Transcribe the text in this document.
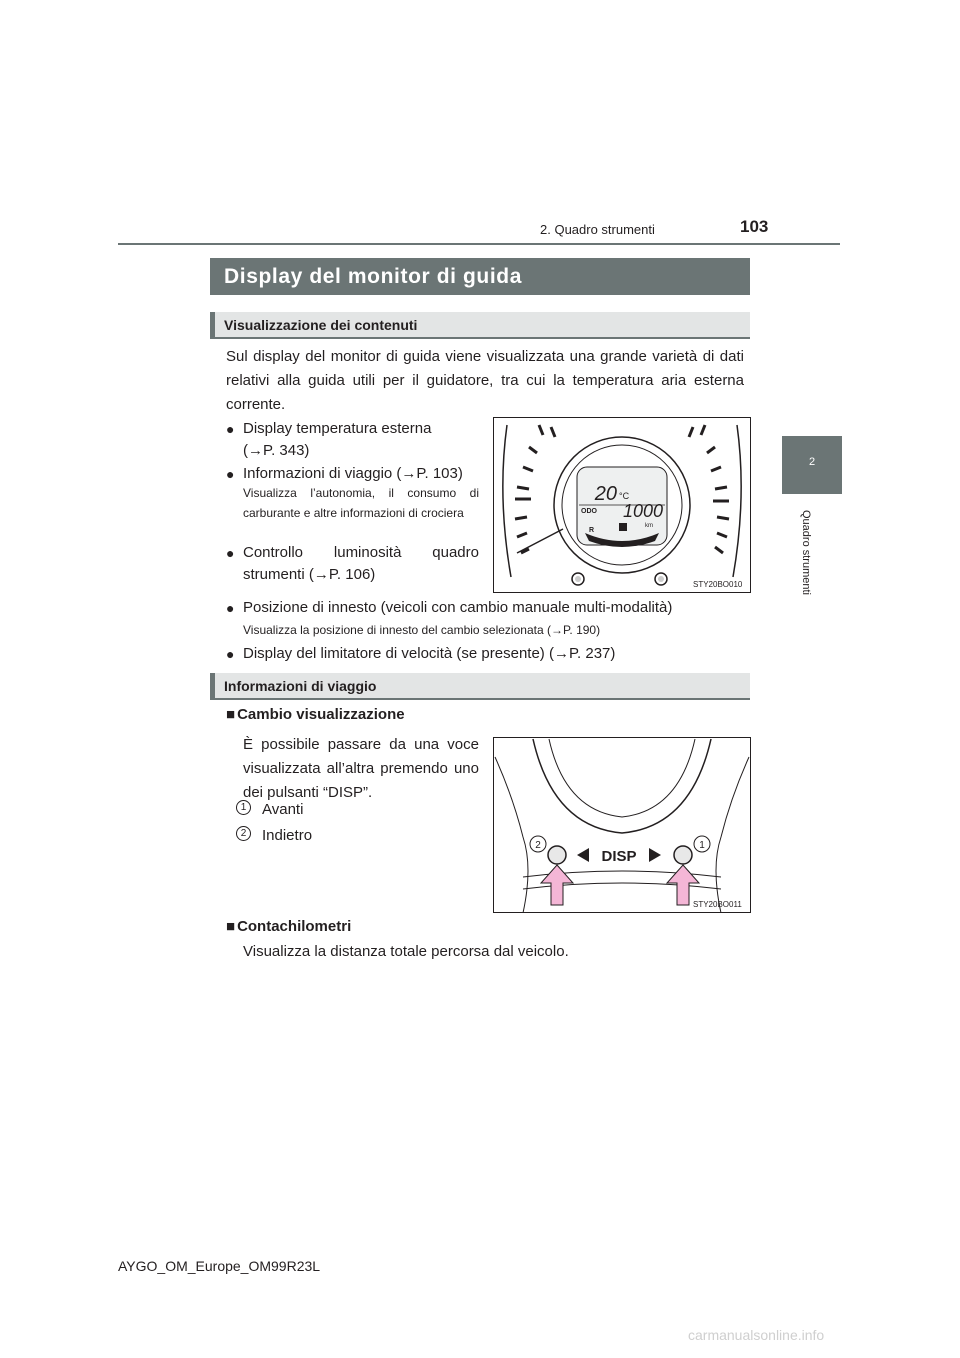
2. Quadro strumenti	103
2
Quadro strumenti
Display del monitor di guida
Visualizzazione dei contenuti
Sul display del monitor di guida viene visualizzata una grande varietà di dati relativi alla guida utili per il guidatore, tra cui la temperatura aria esterna corrente.
● Display temperatura esterna (→P. 343)
● Informazioni di viaggio (→P. 103)
Visualizza l’autonomia, il consumo di carburante e altre informazioni di crociera
● Controllo luminosità quadro strumenti (→P. 106)
● Posizione di innesto (veicoli con cambio manuale multi-modalità)
Visualizza la posizione di innesto del cambio selezionata (→P. 190)
● Display del limitatore di velocità (se presente) (→P. 237)
20 °C
ODO 1000
km
R
STY20BO010
Informazioni di viaggio
■ Cambio visualizzazione
È possibile passare da una voce visualizzata all’altra premendo uno dei pulsanti “DISP”.
1	Avanti
2	Indietro
DISP
2	1
STY20BO011
■ Contachilometri
Visualizza la distanza totale percorsa dal veicolo.
AYGO_OM_Europe_OM99R23L
carmanualsonline.info
